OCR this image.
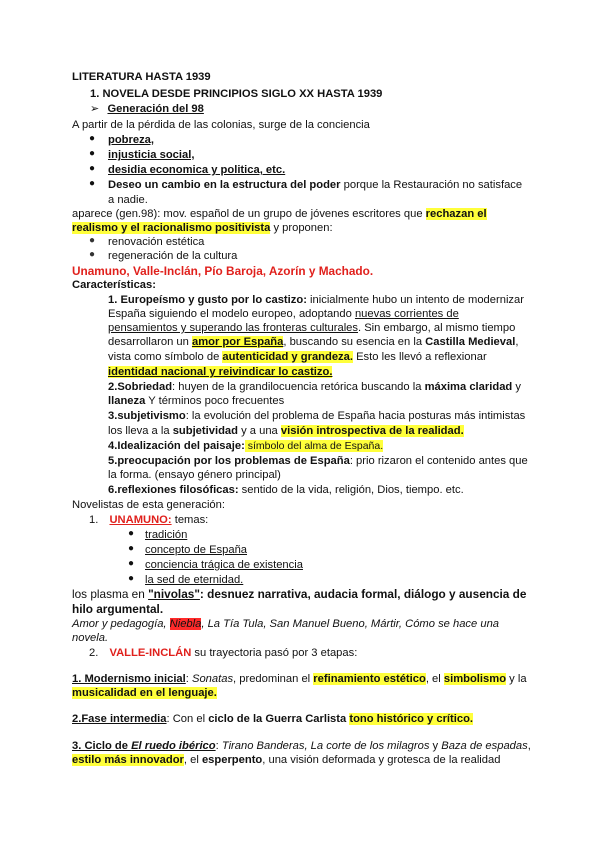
LITERATURA HASTA 1939
1. NOVELA DESDE PRINCIPIOS SIGLO XX HASTA 1939
➢ Generación del 98
A partir de la pérdida de las colonias, surge de la conciencia
● pobreza,
● injusticia social,
● desidia economica y politica, etc.
● Deseo un cambio en la estructura del poder porque la Restauración no satisface
a nadie.
aparece (gen.98): mov. español de un grupo de jóvenes escritores que rechazan el
realismo y el racionalismo positivista y proponen:
● renovación estética
● regeneración de la cultura
Unamuno, Valle-Inclán, Pío Baroja, Azorín y Machado.
Características:
1. Europeísmo y gusto por lo castizo: inicialmente hubo un intento de modernizar
España siguiendo el modelo europeo, adoptando nuevas corrientes de
pensamientos y superando las fronteras culturales. Sin embargo, al mismo tiempo
desarrollaron un amor por España, buscando su esencia en la Castilla Medieval,
vista como símbolo de autenticidad y grandeza. Esto les llevó a reflexionar
identidad nacional y reivindicar lo castizo.
2.Sobriedad: huyen de la grandilocuencia retórica buscando la máxima claridad y
llaneza Y términos poco frecuentes
3.subjetivismo: la evolución del problema de España hacia posturas más intimistas
los lleva a la subjetividad y a una visión introspectiva de la realidad.
4.Idealización del paisaje: símbolo del alma de España.
5.preocupación por los problemas de España: prio rizaron el contenido antes que
la forma. (ensayo género principal)
6.reflexiones filosóficas: sentido de la vida, religión, Dios, tiempo. etc.
Novelistas de esta generación:
1. UNAMUNO: temas:
● tradición
● concepto de España
● conciencia trágica de existencia
● la sed de eternidad.
los plasma en "nivolas": desnuez narrativa, audacia formal, diálogo y ausencia de
hilo argumental.
Amor y pedagogía, Niebla, La Tía Tula, San Manuel Bueno, Mártir, Cómo se hace una
novela.
2. VALLE-INCLÁN su trayectoria pasó por 3 etapas:
1. Modernismo inicial: Sonatas, predominan el refinamiento estético, el simbolismo y la
musicalidad en el lenguaje.
2.Fase intermedia: Con el ciclo de la Guerra Carlista tono histórico y crítico.
3. Ciclo de El ruedo ibérico: Tirano Banderas, La corte de los milagros y Baza de espadas,
estilo más innovador, el esperpento, una visión deformada y grotesca de la realidad
